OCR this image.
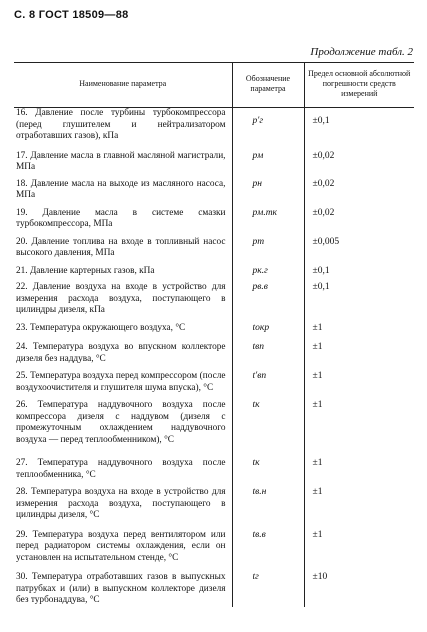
С. 8 ГОСТ 18509—88
Продолжение табл. 2
Наименование параметра	Обозначение параметра	Предел основной абсолютной погрешности средств измерений
16. Давление после турбины турбокомпрессора (перед глушителем и нейтрализатором отработавших газов), кПа	p′г	±0,1

17. Давление масла в главной масляной магистрали, МПа	pм	±0,02

18. Давление масла на выходе из масляного насоса, МПа	pн	±0,02

19. Давление масла в системе смазки турбокомпрессора, МПа	pм.тк	±0,02

20. Давление топлива на входе в топливный насос высокого давления, МПа	pт	±0,005

21. Давление картерных газов, кПа	pк.г	±0,1

22. Давление воздуха на входе в устройство для измерения расхода воздуха, поступающего в цилиндры дизеля, кПа	pв.в	±0,1

23. Температура окружающего воздуха, °С	tокр	±1

24. Температура воздуха во впускном коллекторе дизеля без наддува, °С	tвп	±1

25. Температура воздуха перед компрессором (после воздухоочистителя и глушителя шума впуска), °С	t′вп	±1

26. Температура наддувочного воздуха после компрессора дизеля с наддувом (дизеля с промежуточным охлаждением наддувочного воздуха — перед теплообменником), °С	tк	±1

27. Температура наддувочного воздуха после теплообменника, °С	tк	±1

28. Температура воздуха на входе в устройство для измерения расхода воздуха, поступающего в цилиндры дизеля, °С	tв.н	±1

29. Температура воздуха перед вентилятором или перед радиатором системы охлаждения, если он установлен на испытательном стенде, °С	tв.в	±1

30. Температура отработавших газов в выпускных патрубках и (или) в выпускном коллекторе дизеля без турбонаддува, °С	tг	±10
